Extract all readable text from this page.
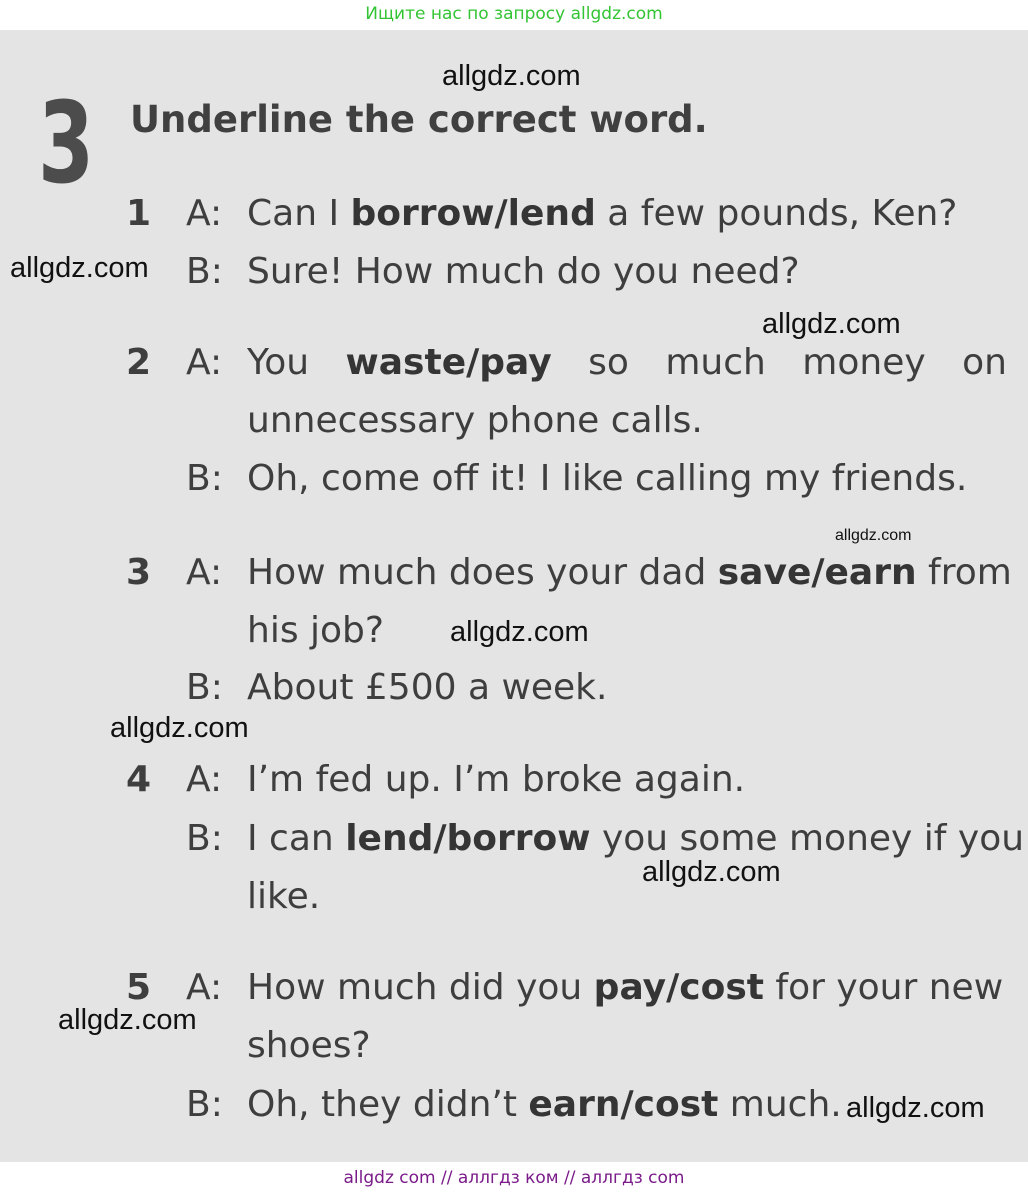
Ищите нас по запросу allgdz.com

3 Underline the correct word.
1 A: Can I borrow/lend a few pounds, Ken?
B: Sure! How much do you need?
2 A: You waste/pay so much money on
unnecessary phone calls.
B: Oh, come off it! I like calling my friends.
3 A: How much does your dad save/earn from
his job?
B: About £500 a week.
4 A: I’m fed up. I’m broke again.
B: I can lend/borrow you some money if you
like.
5 A: How much did you pay/cost for your new
shoes?
B: Oh, they didn’t earn/cost much.
allgdz.com
allgdz.com
allgdz.com
allgdz.com
allgdz.com
allgdz.com
allgdz.com
allgdz.com
allgdz.com
allgdz com // аллгдз ком // аллгдз com
